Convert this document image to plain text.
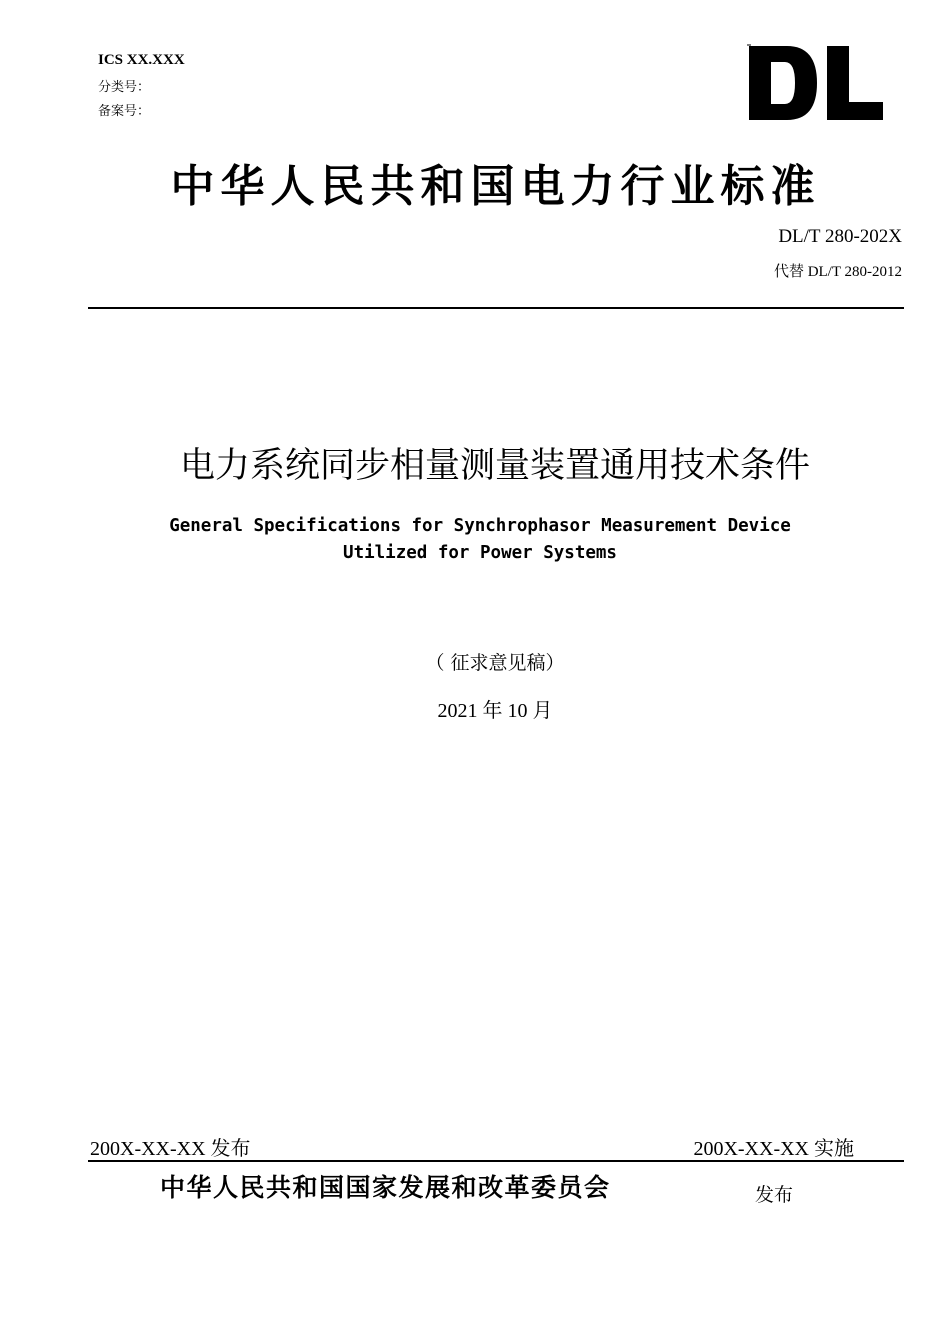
ICS XX.XXX
分类号：
备案号：
中华人民共和国电力行业标准
DL/T 280-202X
代替 DL/T 280-2012
电力系统同步相量测量装置通用技术条件
General Specifications for Synchrophasor Measurement Device
Utilized for Power Systems
（ 征求意见稿）
2021 年 10 月
200X-XX-XX 发布	200X-XX-XX 实施
中华人民共和国国家发展和改革委员会	发布
